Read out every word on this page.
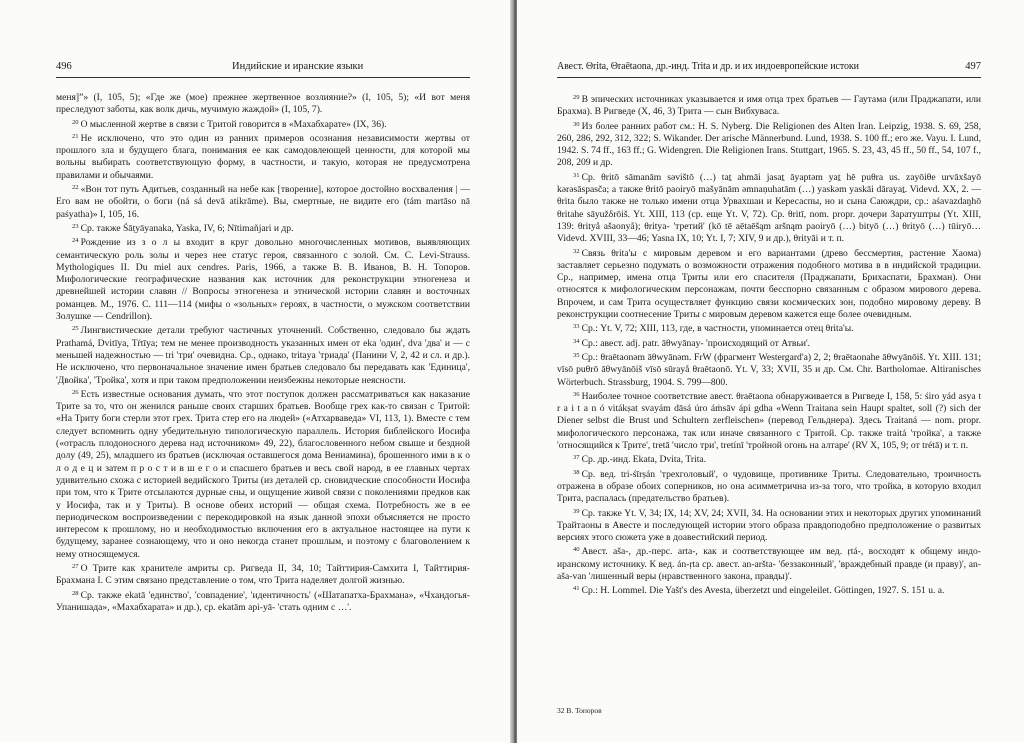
496	Индийские и иранские языки

меня]”» (I, 105, 5); «Где же (мое) прежнее жертвенное возлияние?» (I, 105, 5); «И вот меня преследуют заботы, как волк дичь, мучимую жаждой» (I, 105, 7).

$^{20}$ О мысленной жертве в связи с Тритой говорится в «Махабхарате» (IX, 36).

$^{21}$ Не исключено, что это один из ранних примеров осознания независимости жертвы от прошлого зла и будущего блага, понимания ее как самодовлеющей ценности, для которой мы вольны выбирать соответствующую форму, в частности, и такую, которая не предусмотрена правилами и обычаями.

$^{22}$ «Вон тот путь Адитьев, созданный на небе как [творение], которое достойно восхваления | — Его вам не обойти, о боги (ná sá devā atikrāme). Вы, смертные, не видите его (tám martāso nā paśyatha)» I, 105, 16.

$^{23}$ Ср. также Śāṭyāyanaka, Yaska, IV, 6; Nītimañjari и др.

$^{24}$ Рождение из з о л ы входит в круг довольно многочисленных мотивов, выявляющих семантическую роль золы и через нее статус героя, связанного с золой. См. C. Levi-Strauss. Mythologiques II. Du miel aux cendres. Paris, 1966, а также В. В. Иванов, В. Н. Топоров. Мифологические географические названия как источник для реконструкции этногенеза и древнейшей истории славян // Вопросы этногенеза и этнической истории славян и восточных романцев. М., 1976. С. 111—114 (мифы о «зольных» героях, в частности, о мужском соответствии Золушке — Cendrillon).

$^{25}$ Лингвистические детали требуют частичных уточнений. Собственно, следовало бы ждать Prathamá, Dvitīya, Tŕtīya; тем не менее производность указанных имен от eka 'один', dva 'два' и — с меньшей надежностью — tri 'три' очевидна. Ср., однако, tritaya 'триада' (Панини V, 2, 42 и сл. и др.). Не исключено, что первоначальное значение имен братьев следовало бы передавать как 'Единица', 'Двойка', 'Тройка', хотя и при таком предположении неизбежны некоторые неясности.

$^{26}$ Есть известные основания думать, что этот поступок должен рассматриваться как наказание Трите за то, что он женился раньше своих старших братьев. Вообще грех как-то связан с Тритой: «На Триту боги стерли этот грех. Трита стер его на людей» («Атхарваведа» VI, 113, 1). Вместе с тем следует вспомнить одну убедительную типологическую параллель. История библейского Иосифа («отрасль плодоносного дерева над источником» 49, 22), благословенного небом свыше и бездной долу (49, 25), младшего из братьев (исключая оставшегося дома Вениамина), брошенного ими в к о л о д е ц и затем п р о с т и в ш е г о и спасшего братьев и весь свой народ, в ее главных чертах удивительно схожа с историей ведийского Триты (из деталей ср. сновидческие способности Иосифа при том, что к Трите отсылаются дурные сны, и ощущение живой связи с поколениями предков как у Иосифа, так и у Триты). В основе обеих историй — общая схема. Потребность же в ее периодическом воспроизведении с перекодировкой на язык данной эпохи объясняется не просто интересом к прошлому, но и необходимостью включения его в актуальное настоящее на пути к будущему, заранее сознающему, что и оно некогда станет прошлым, и поэтому с благоволением к нему относящемуся.

$^{27}$ О Трите как хранителе амриты ср. Ригведа II, 34, 10; Тайттирия-Самхита I, Тайттирия-Брахмана I. С этим связано представление о том, что Трита наделяет долгой жизнью.

$^{28}$ Ср. также ekatā 'единство', 'совпадение', 'идентичность' («Шатапатха-Брахмана», «Чхандогья-Упанишада», «Махабхарата» и др.), ср. ekatām api-yā- 'стать одним с …'.

Авест. Θrita, Θraētaona, др.-инд. Trita и др. и их индоевропейские истоки	497

$^{29}$ В эпических источниках указывается и имя отца трех братьев — Гаутама (или Праджапати, или Брахма). В Ригведе (X, 46, 3) Трита — сын Вибхуваса.

$^{30}$ Из более ранних работ см.: H. S. Nyberg. Die Religionen des Alten Iran. Leipzig, 1938. S. 69, 258, 260, 286, 292, 312, 322; S. Wikander. Der arische Männerbund. Lund, 1938. S. 100 ff.; его же. Vayu. I. Lund, 1942. S. 74 ff., 163 ff.; G. Widengren. Die Religionen Irans. Stuttgart, 1965. S. 23, 43, 45 ff., 50 ff., 54, 107 f., 208, 209 и др.

$^{31}$ Ср. θritō sāmanām sǝvištō (…) taṯ ahmāi jasaṯ āyaptǝm yaṯ hē puθra us. zayōiθe urvāxšayō kǝrǝsāspasča; а также θritō paoiryō mašyānām ǝmnaṇuhatām (…) yaskǝm yaskāi dārayaṯ. Videvd. XX, 2. — θrita было также не только имени отца Урвахшаи и Кересаспы, но и сына Саюждри, ср.: aśavazdaŋhō θritahe sāyužδrōiš. Yt. XIII, 113 (ср. еще Yt. V, 72). Ср. θritī, nom. propr. дочери Заратуштры (Yt. XIII, 139: θrityå ašaonyå); θritya- 'третий' (kō tē aētaēšąm aršnąm paoiryō (…) bityō (…) θrityō (…) tūiryō… Videvd. XVIII, 33—46; Yasna IX, 10; Yt. I, 7; XIV, 9 и др.), θrityāi и т. п.

$^{32}$ Связь θrita'ы с мировым деревом и его вариантами (древо бессмертия, растение Хаома) заставляет серьезно подумать о возможности отражения подобного мотива в в индийской традиции. Ср., например, имена отца Триты или его спасителя (Праджапати, Брихаспати, Брахман). Они относятся к мифологическим персонажам, почти бесспорно связанным с образом мирового дерева. Впрочем, и сам Трита осуществляет функцию связи космических зон, подобно мировому дереву. В реконструкции соотнесение Триты с мировым деревом кажется еще более очевидным.

$^{33}$ Ср.: Yt. V, 72; XIII, 113, где, в частности, упоминается отец θrita'ы.

$^{34}$ Ср.: авест. adj. patr. āθwyānay- 'происходящий от Атвьи'.

$^{35}$ Ср.: θraētaonǝm āθwyānǝm. FrW (фрагмент Westergard'а) 2, 2; θraētaonahe āθwyānōiš. Yt. XIII. 131; vīsō puθrō āθwyānōiš vīsō sūrayå θraētaonō. Yt. V, 33; XVII, 35 и др. См. Chr. Bartholomae. Altiranisches Wörterbuch. Strassburg, 1904. S. 799—800.

$^{36}$ Наиболее точное соответствие авест. θraētaona обнаруживается в Ригведе I, 158, 5: śiro yád asya t r a i t a n ó vitákṣat svayám dāsá úro áṁsāv ápi gdha «Wenn Traitana sein Haupt spaltet, soll (?) sich der Diener selbst die Brust und Schultern zerfleischen» (перевод Гельднера). Здесь Traitaná — nom. propr. мифологического персонажа, так или иначе связанного с Тритой. Ср. также traitá 'тройка', а также 'относящийся к Трите', tretā 'число три', tretínī 'тройной огонь на алтаре' (RV X, 105, 9; от trétā) и т. п.

$^{37}$ Ср. др.-инд. Ekata, Dvita, Trita.

$^{38}$ Ср. вед. tri-śīrṣán 'трехголовый', о чудовище, противнике Триты. Следовательно, троичность отражена в образе обоих соперников, но она асимметрична из-за того, что тройка, в которую входил Трита, распалась (предательство братьев).

$^{39}$ Ср. также Yt. V, 34; IX, 14; XV, 24; XVII, 34. На основании этих и некоторых других упоминаний Трайтаоны в Авесте и последующей истории этого образа правдоподобно предположение о развитых версиях этого сюжета уже в доавестийский период.

$^{40}$ Авест. aša-, др.-перс. arta-, как и соответствующее им вед. ṛtá-, восходят к общему индо-иранскому источнику. К вед. án-ṛta ср. авест. an-aršta- 'беззаконный', 'враждебный правде (и праву)', an-aša-van 'лишенный веры (нравственного закона, правды)'.

$^{41}$ Ср.: H. Lommel. Die Yašt's des Avesta, überzetzt und eingeleilet. Göttingen, 1927. S. 151 u. a.

32 В. Топоров
